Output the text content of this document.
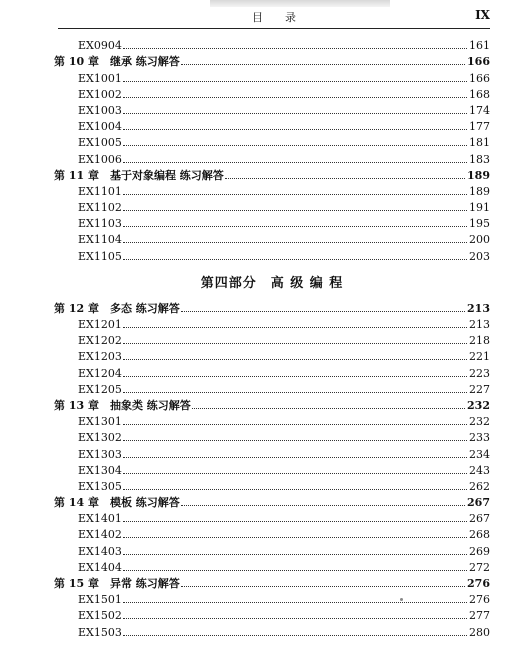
目　　录	IX
EX0904	161
第 10 章　继承 练习解答	166
EX1001	166
EX1002	168
EX1003	174
EX1004	177
EX1005	181
EX1006	183
第 11 章　基于对象编程 练习解答	189
EX1101	189
EX1102	191
EX1103	195
EX1104	200
EX1105	203
第四部分　高 级 编 程
第 12 章　多态 练习解答	213
EX1201	213
EX1202	218
EX1203	221
EX1204	223
EX1205	227
第 13 章　抽象类 练习解答	232
EX1301	232
EX1302	233
EX1303	234
EX1304	243
EX1305	262
第 14 章　模板 练习解答	267
EX1401	267
EX1402	268
EX1403	269
EX1404	272
第 15 章　异常 练习解答	276
EX1501	276
EX1502	277
EX1503	280
